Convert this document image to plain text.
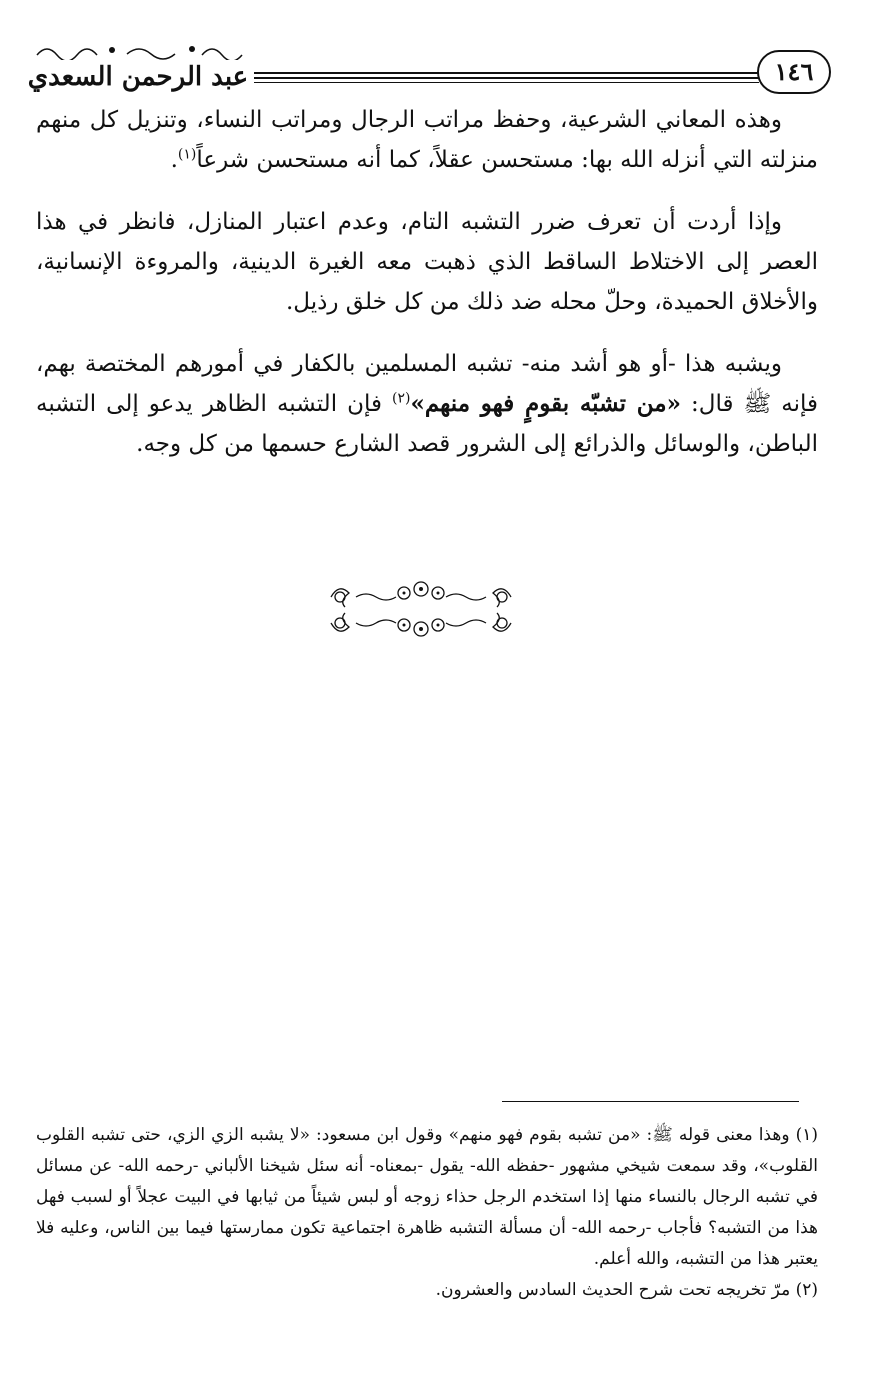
١٤٦
عبد الرحمن السعدي

وهذه المعاني الشرعية، وحفظ مراتب الرجال ومراتب النساء، وتنزيل كل منهم منزلته التي أنزله الله بها: مستحسن عقلاً، كما أنه مستحسن شرعاً$^{(١)}$.

وإذا أردت أن تعرف ضرر التشبه التام، وعدم اعتبار المنازل، فانظر في هذا العصر إلى الاختلاط الساقط الذي ذهبت معه الغيرة الدينية، والمروءة الإنسانية، والأخلاق الحميدة، وحلّ محله ضد ذلك من كل خلق رذيل.

ويشبه هذا -أو هو أشد منه- تشبه المسلمين بالكفار في أمورهم المختصة بهم، فإنه ﷺ قال: «من تشبّه بقومٍ فهو منهم»$^{(٢)}$ فإن التشبه الظاهر يدعو إلى التشبه الباطن، والوسائل والذرائع إلى الشرور قصد الشارع حسمها من كل وجه.

(١) وهذا معنى قوله ﷺ: «من تشبه بقوم فهو منهم» وقول ابن مسعود: «لا يشبه الزي الزي، حتى تشبه القلوب القلوب»، وقد سمعت شيخي مشهور -حفظه الله- يقول -بمعناه- أنه سئل شيخنا الألباني -رحمه الله- عن مسائل في تشبه الرجال بالنساء منها إذا استخدم الرجل حذاء زوجه أو لبس شيئاً من ثيابها في البيت عجلاً أو لسبب فهل هذا من التشبه؟ فأجاب -رحمه الله- أن مسألة التشبه ظاهرة اجتماعية تكون ممارستها فيما بين الناس، وعليه فلا يعتبر هذا من التشبه، والله أعلم.

(٢) مرّ تخريجه تحت شرح الحديث السادس والعشرون.
